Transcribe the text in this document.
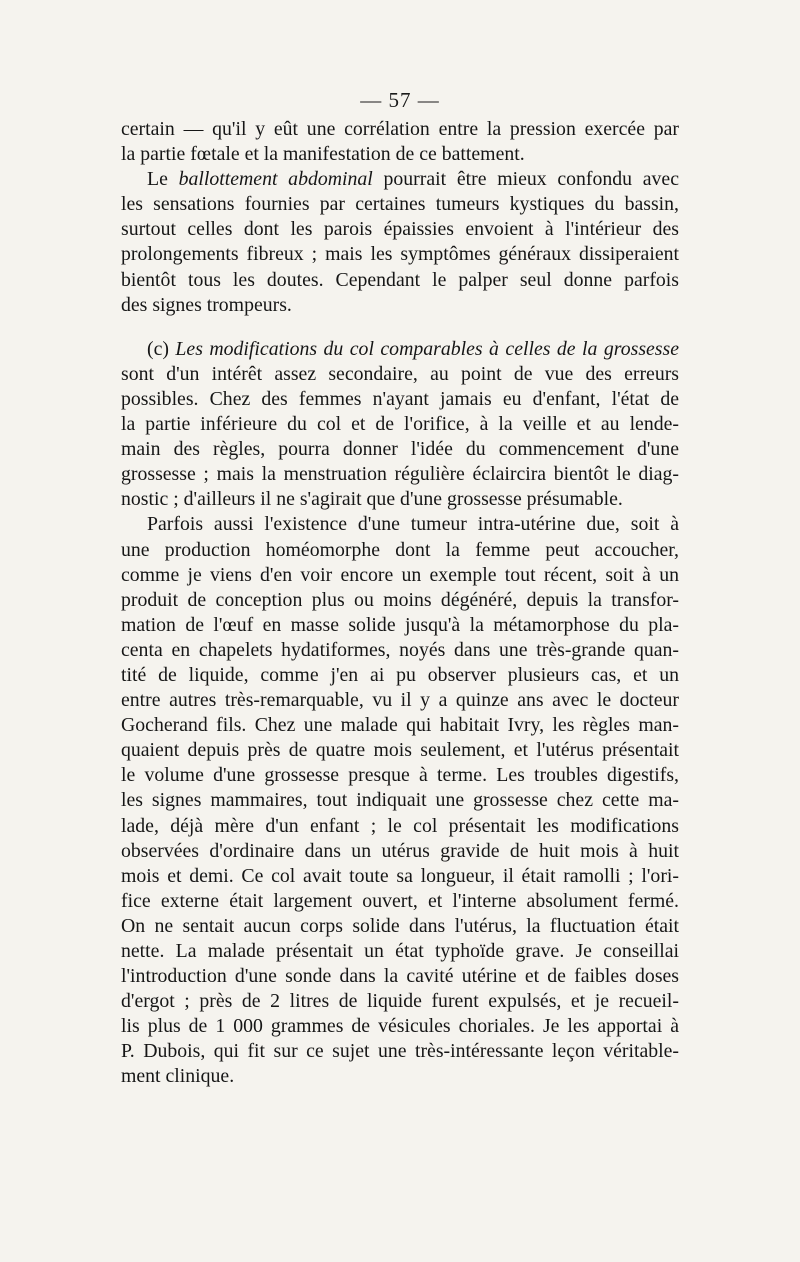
— 57 —
certain — qu'il y eût une corrélation entre la pression exercée par
la partie fœtale et la manifestation de ce battement.
Le ballottement abdominal pourrait être mieux confondu avec
les sensations fournies par certaines tumeurs kystiques du bassin,
surtout celles dont les parois épaissies envoient à l'intérieur des
prolongements fibreux ; mais les symptômes généraux dissiperaient
bientôt tous les doutes. Cependant le palper seul donne parfois
des signes trompeurs.
(c) Les modifications du col comparables à celles de la grossesse
sont d'un intérêt assez secondaire, au point de vue des erreurs
possibles. Chez des femmes n'ayant jamais eu d'enfant, l'état de
la partie inférieure du col et de l'orifice, à la veille et au lende-
main des règles, pourra donner l'idée du commencement d'une
grossesse ; mais la menstruation régulière éclaircira bientôt le diag-
nostic ; d'ailleurs il ne s'agirait que d'une grossesse présumable.
Parfois aussi l'existence d'une tumeur intra-utérine due, soit à
une production homéomorphe dont la femme peut accoucher,
comme je viens d'en voir encore un exemple tout récent, soit à un
produit de conception plus ou moins dégénéré, depuis la transfor-
mation de l'œuf en masse solide jusqu'à la métamorphose du pla-
centa en chapelets hydatiformes, noyés dans une très-grande quan-
tité de liquide, comme j'en ai pu observer plusieurs cas, et un
entre autres très-remarquable, vu il y a quinze ans avec le docteur
Gocherand fils. Chez une malade qui habitait Ivry, les règles man-
quaient depuis près de quatre mois seulement, et l'utérus présentait
le volume d'une grossesse presque à terme. Les troubles digestifs,
les signes mammaires, tout indiquait une grossesse chez cette ma-
lade, déjà mère d'un enfant ; le col présentait les modifications
observées d'ordinaire dans un utérus gravide de huit mois à huit
mois et demi. Ce col avait toute sa longueur, il était ramolli ; l'ori-
fice externe était largement ouvert, et l'interne absolument fermé.
On ne sentait aucun corps solide dans l'utérus, la fluctuation était
nette. La malade présentait un état typhoïde grave. Je conseillai
l'introduction d'une sonde dans la cavité utérine et de faibles doses
d'ergot ; près de 2 litres de liquide furent expulsés, et je recueil-
lis plus de 1 000 grammes de vésicules choriales. Je les apportai à
P. Dubois, qui fit sur ce sujet une très-intéressante leçon véritable-
ment clinique.
